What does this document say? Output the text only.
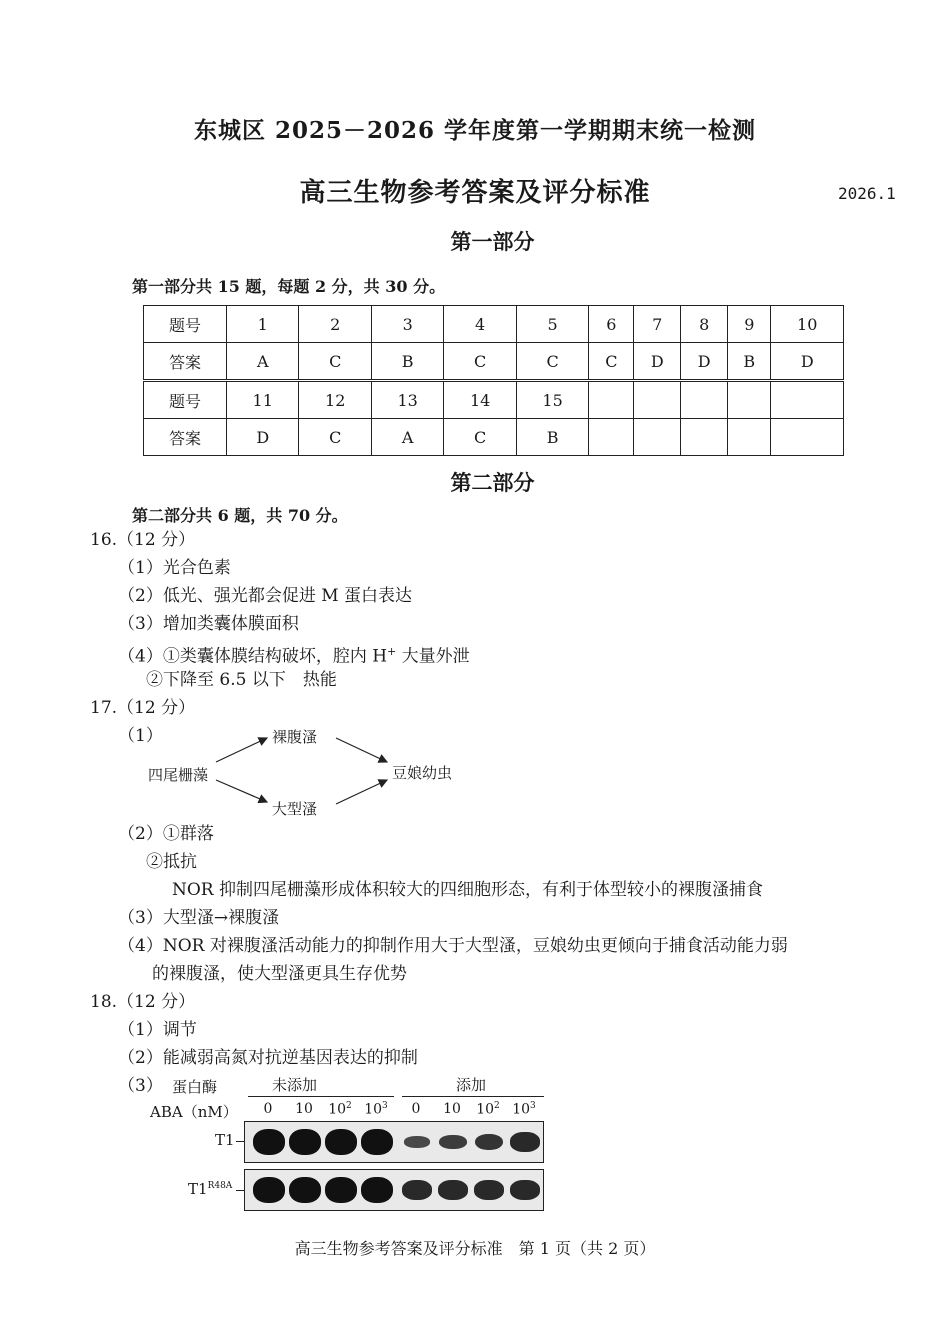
东城区 2025－2026 学年度第一学期期末统一检测
高三生物参考答案及评分标准	2026.1
第一部分
第一部分共 15 题，每题 2 分，共 30 分。
题号	1	2	3	4	5	6	7	8	9	10
答案	A	C	B	C	C	C	D	D	B	D
题号	11	12	13	14	15					
答案	D	C	A	C	B					
第二部分
第二部分共 6 题，共 70 分。
16.（12 分）
（1）光合色素
（2）低光、强光都会促进 M 蛋白表达
（3）增加类囊体膜面积
（4）①类囊体膜结构破坏，腔内 H+ 大量外泄
②下降至 6.5 以下　热能
17.（12 分）
（1）
四尾栅藻
裸腹溞
大型溞
豆娘幼虫
（2）①群落
②抵抗
NOR 抑制四尾栅藻形成体积较大的四细胞形态，有利于体型较小的裸腹溞捕食
（3）大型溞→裸腹溞
（4）NOR 对裸腹溞活动能力的抑制作用大于大型溞，豆娘幼虫更倾向于捕食活动能力弱
的裸腹溞，使大型溞更具生存优势
18.（12 分）
（1）调节
（2）能减弱高氮对抗逆基因表达的抑制
（3） 蛋白酶	未添加	添加
ABA（nM）	0	10	$10^2$ $10^3$	0	10	$10^2$ $10^3$
T1
$T1^{R48A}$
高三生物参考答案及评分标准　第 1 页（共 2 页）
